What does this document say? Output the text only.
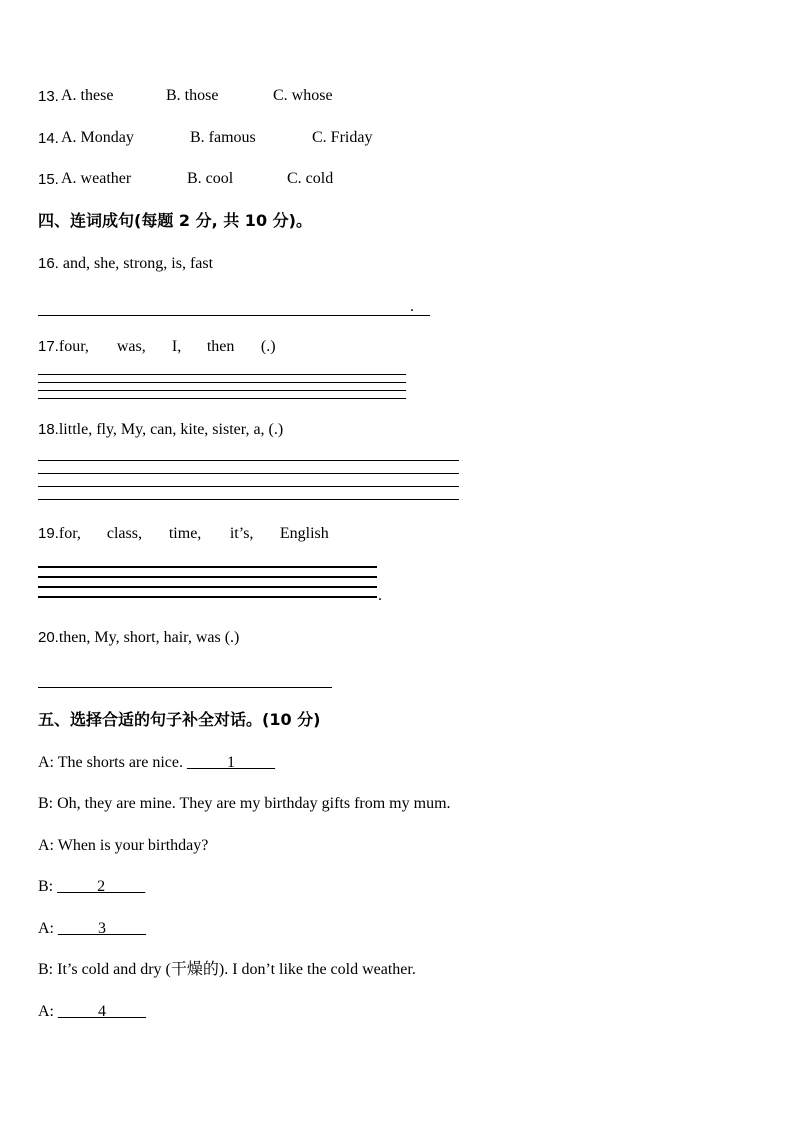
13. A. these	B. those	C. whose
14. A. Monday	B. famous	C. Friday
15. A. weather	B. cool	C. cold
四、连词成句(每题 2 分, 共 10 分)。
16. and, she, strong, is, fast
.
17.four, was, I, then (.)
18.little, fly, My, can, kite, sister, a, (.)
19.for, class, time, it’s, English
.
20.then, My, short, hair, was (.)
五、选择合适的句子补全对话。(10 分)
A: The shorts are nice. _____1_____
B: Oh, they are mine. They are my birthday gifts from my mum.
A: When is your birthday?
B: _____2_____
A: _____3_____
B: It’s cold and dry (干燥的). I don’t like the cold weather.
A: _____4_____
